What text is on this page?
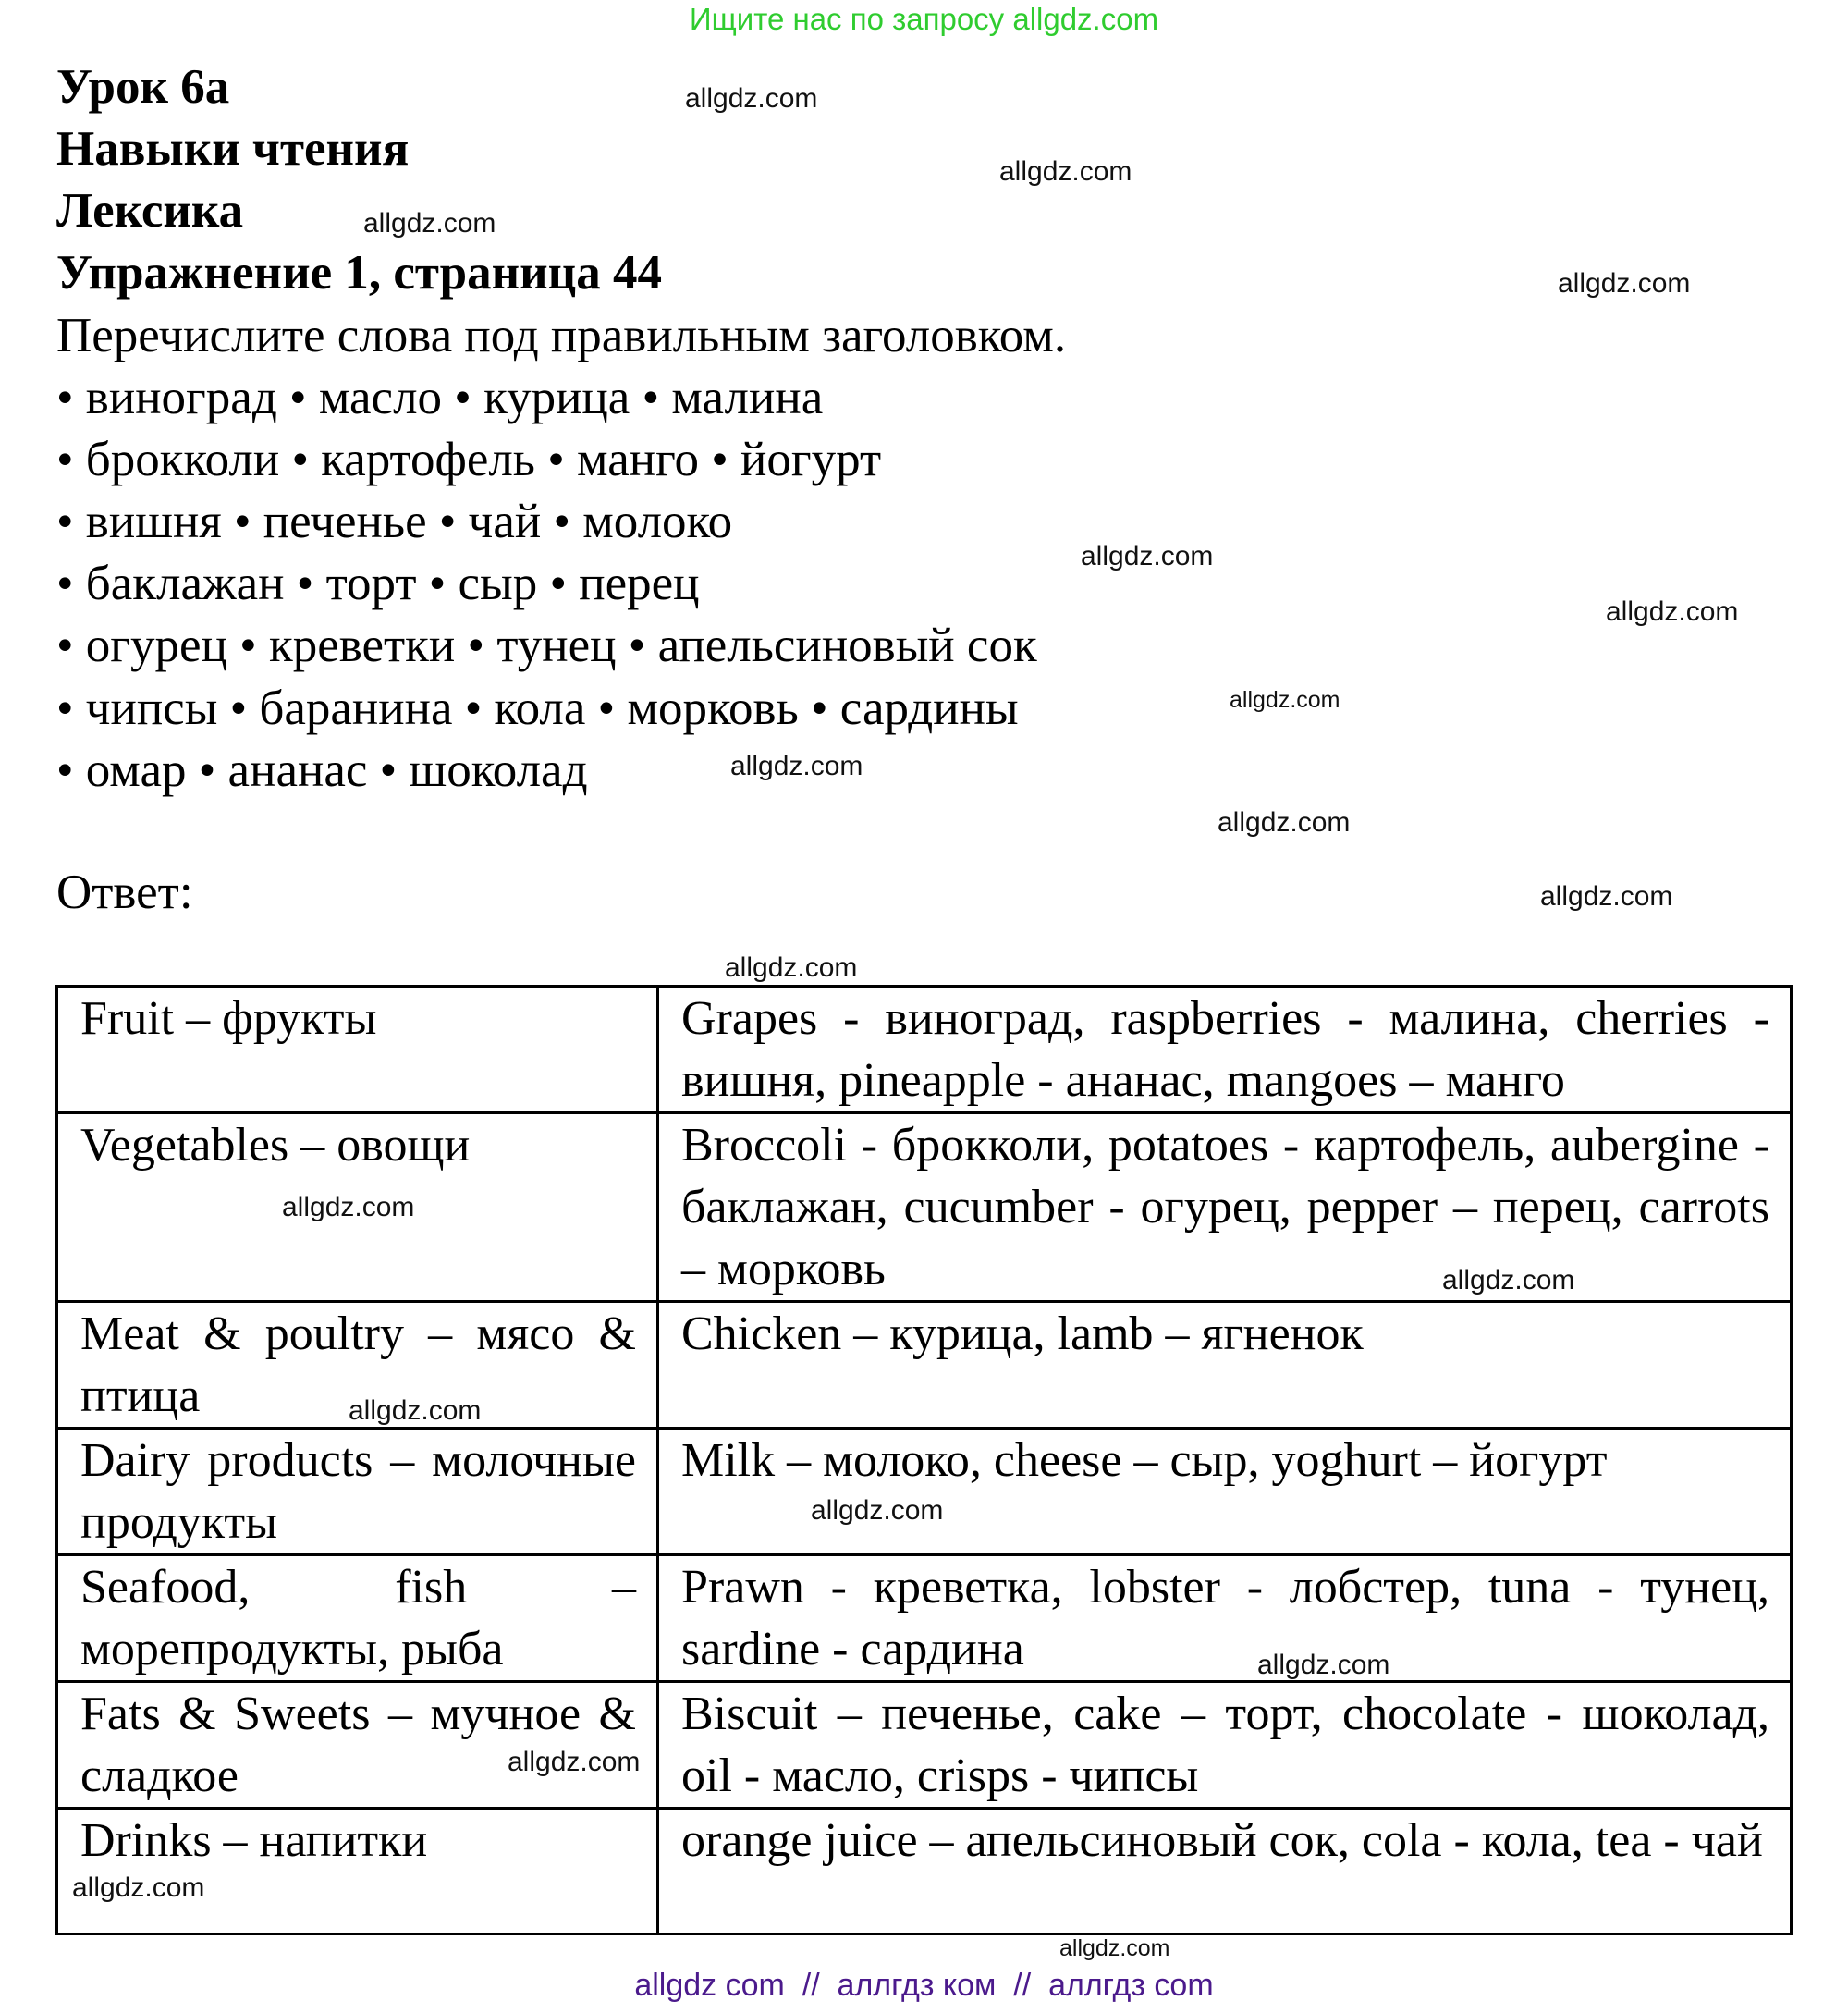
Ищите нас по запросу allgdz.com
Урок 6а
Навыки чтения
Лексика
Упражнение 1, страница 44
Перечислите слова под правильным заголовком.
• виноград • масло • курица • малина
• брокколи • картофель • манго • йогурт
• вишня • печенье • чай • молоко
• баклажан • торт • сыр • перец
• огурец • креветки • тунец • апельсиновый сок
• чипсы • баранина • кола • морковь • сардины
• омар • ананас • шоколад
Ответ:
Fruit – фрукты	Grapes - виноград, raspberries - малина, cherries - вишня, pineapple - ананас, mangoes – манго
Vegetables – овощи	Broccoli - брокколи, potatoes - картофель, aubergine - баклажан, cucumber - огурец, pepper – перец, carrots – морковь
Meat & poultry – мясо & птица	Chicken – курица, lamb – ягненок
Dairy products – молочные продукты	Milk – молоко, cheese – сыр, yoghurt – йогурт
Seafood, fish – морепродукты, рыба	Prawn - креветка, lobster - лобстер, tuna - тунец, sardine - сардина
Fats & Sweets – мучное & сладкое	Biscuit – печенье, cake – торт, chocolate - шоколад, oil - масло, crisps - чипсы
Drinks – напитки	orange juice – апельсиновый сок, cola - кола, tea - чай
allgdz.com
allgdz.com
allgdz.com
allgdz.com
allgdz.com
allgdz.com
allgdz.com
allgdz.com
allgdz.com
allgdz.com
allgdz.com
allgdz.com
allgdz.com
allgdz.com
allgdz.com
allgdz.com
allgdz.com
allgdz.com
allgdz.com
allgdz com  //  аллгдз ком  //  аллгдз com
